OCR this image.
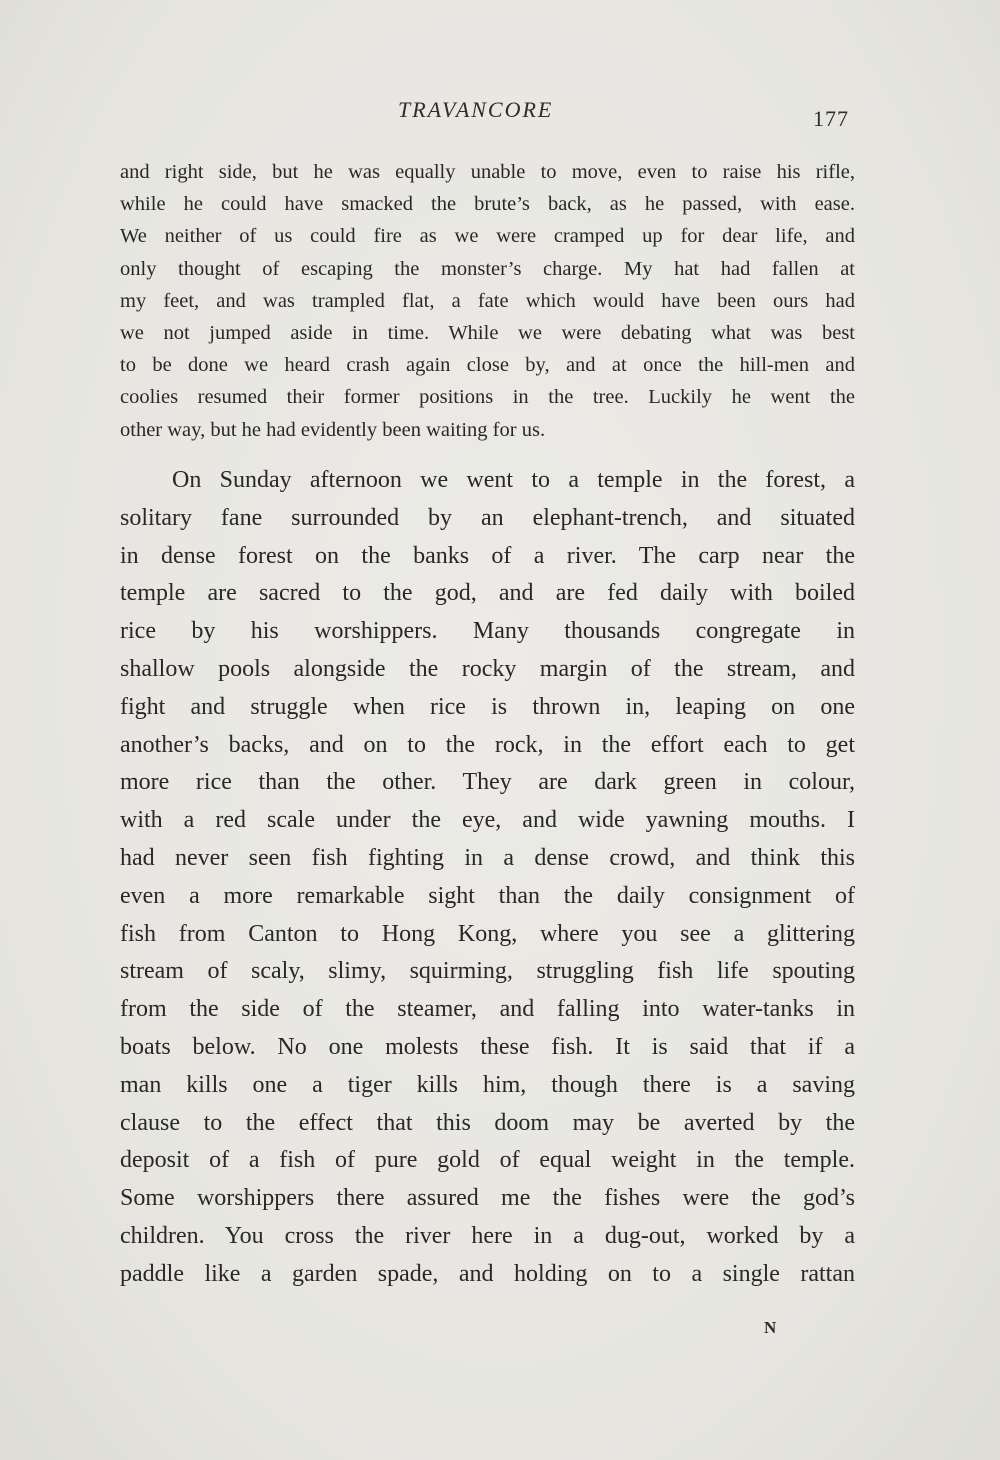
TRAVANCORE	177

and right side, but he was equally unable to move, even to raise his rifle,
while he could have smacked the brute’s back, as he passed, with ease.
We neither of us could fire as we were cramped up for dear life, and
only thought of escaping the monster’s charge. My hat had fallen at
my feet, and was trampled flat, a fate which would have been ours had
we not jumped aside in time. While we were debating what was best
to be done we heard crash again close by, and at once the hill-men and
coolies resumed their former positions in the tree. Luckily he went the
other way, but he had evidently been waiting for us.

On Sunday afternoon we went to a temple in the forest, a
solitary fane surrounded by an elephant-trench, and situated
in dense forest on the banks of a river. The carp near the
temple are sacred to the god, and are fed daily with boiled
rice by his worshippers. Many thousands congregate in
shallow pools alongside the rocky margin of the stream, and
fight and struggle when rice is thrown in, leaping on one
another’s backs, and on to the rock, in the effort each to get
more rice than the other. They are dark green in colour,
with a red scale under the eye, and wide yawning mouths. I
had never seen fish fighting in a dense crowd, and think this
even a more remarkable sight than the daily consignment of
fish from Canton to Hong Kong, where you see a glittering
stream of scaly, slimy, squirming, struggling fish life spouting
from the side of the steamer, and falling into water-tanks in
boats below. No one molests these fish. It is said that if a
man kills one a tiger kills him, though there is a saving
clause to the effect that this doom may be averted by the
deposit of a fish of pure gold of equal weight in the temple.
Some worshippers there assured me the fishes were the god’s
children. You cross the river here in a dug-out, worked by a
paddle like a garden spade, and holding on to a single rattan

N
